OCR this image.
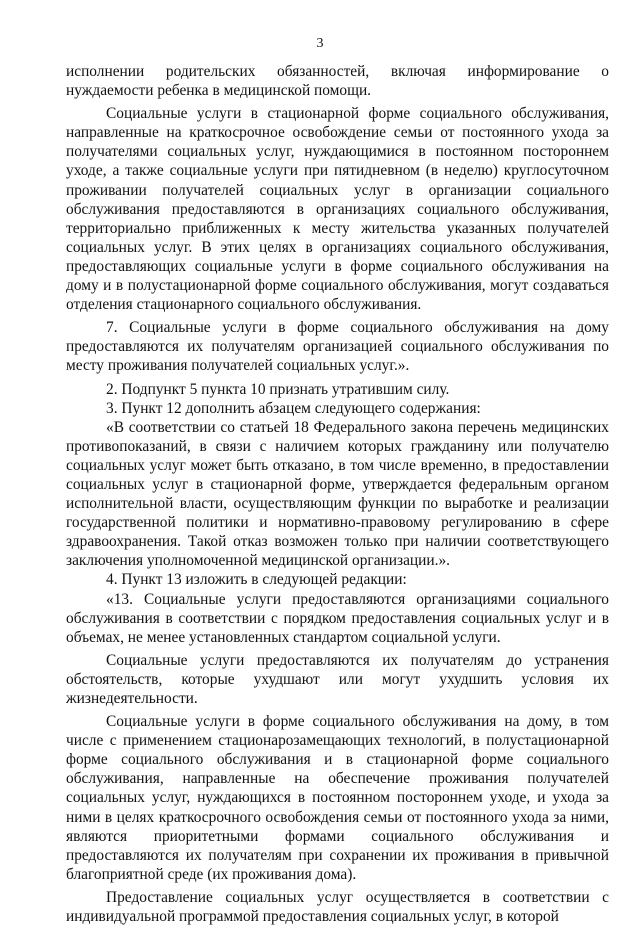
3

исполнении родительских обязанностей, включая информирование о нуждаемости ребенка в медицинской помощи.

Социальные услуги в стационарной форме социального обслуживания, направленные на краткосрочное освобождение семьи от постоянного ухода за получателями социальных услуг, нуждающимися в постоянном постороннем уходе, а также социальные услуги при пятидневном (в неделю) круглосуточном проживании получателей социальных услуг в организации социального обслуживания предоставляются в организациях социального обслуживания, территориально приближенных к месту жительства указанных получателей социальных услуг. В этих целях в организациях социального обслуживания, предоставляющих социальные услуги в форме социального обслуживания на дому и в полустационарной форме социального обслуживания, могут создаваться отделения стационарного социального обслуживания.

7. Социальные услуги в форме социального обслуживания на дому предоставляются их получателям организацией социального обслуживания по месту проживания получателей социальных услуг.».

2. Подпункт 5 пункта 10 признать утратившим силу.

3. Пункт 12 дополнить абзацем следующего содержания:

«В соответствии со статьей 18 Федерального закона перечень медицинских противопоказаний, в связи с наличием которых гражданину или получателю социальных услуг может быть отказано, в том числе временно, в предоставлении социальных услуг в стационарной форме, утверждается федеральным органом исполнительной власти, осуществляющим функции по выработке и реализации государственной политики и нормативно-правовому регулированию в сфере здравоохранения. Такой отказ возможен только при наличии соответствующего заключения уполномоченной медицинской организации.».

4. Пункт 13 изложить в следующей редакции:

«13. Социальные услуги предоставляются организациями социального обслуживания в соответствии с порядком предоставления социальных услуг и в объемах, не менее установленных стандартом социальной услуги.

Социальные услуги предоставляются их получателям до устранения обстоятельств, которые ухудшают или могут ухудшить условия их жизнедеятельности.

Социальные услуги в форме социального обслуживания на дому, в том числе с применением стационарозамещающих технологий, в полустационарной форме социального обслуживания и в стационарной форме социального обслуживания, направленные на обеспечение проживания получателей социальных услуг, нуждающихся в постоянном постороннем уходе, и ухода за ними в целях краткосрочного освобождения семьи от постоянного ухода за ними, являются приоритетными формами социального обслуживания и предоставляются их получателям при сохранении их проживания в привычной благоприятной среде (их проживания дома).

Предоставление социальных услуг осуществляется в соответствии с индивидуальной программой предоставления социальных услуг, в которой
